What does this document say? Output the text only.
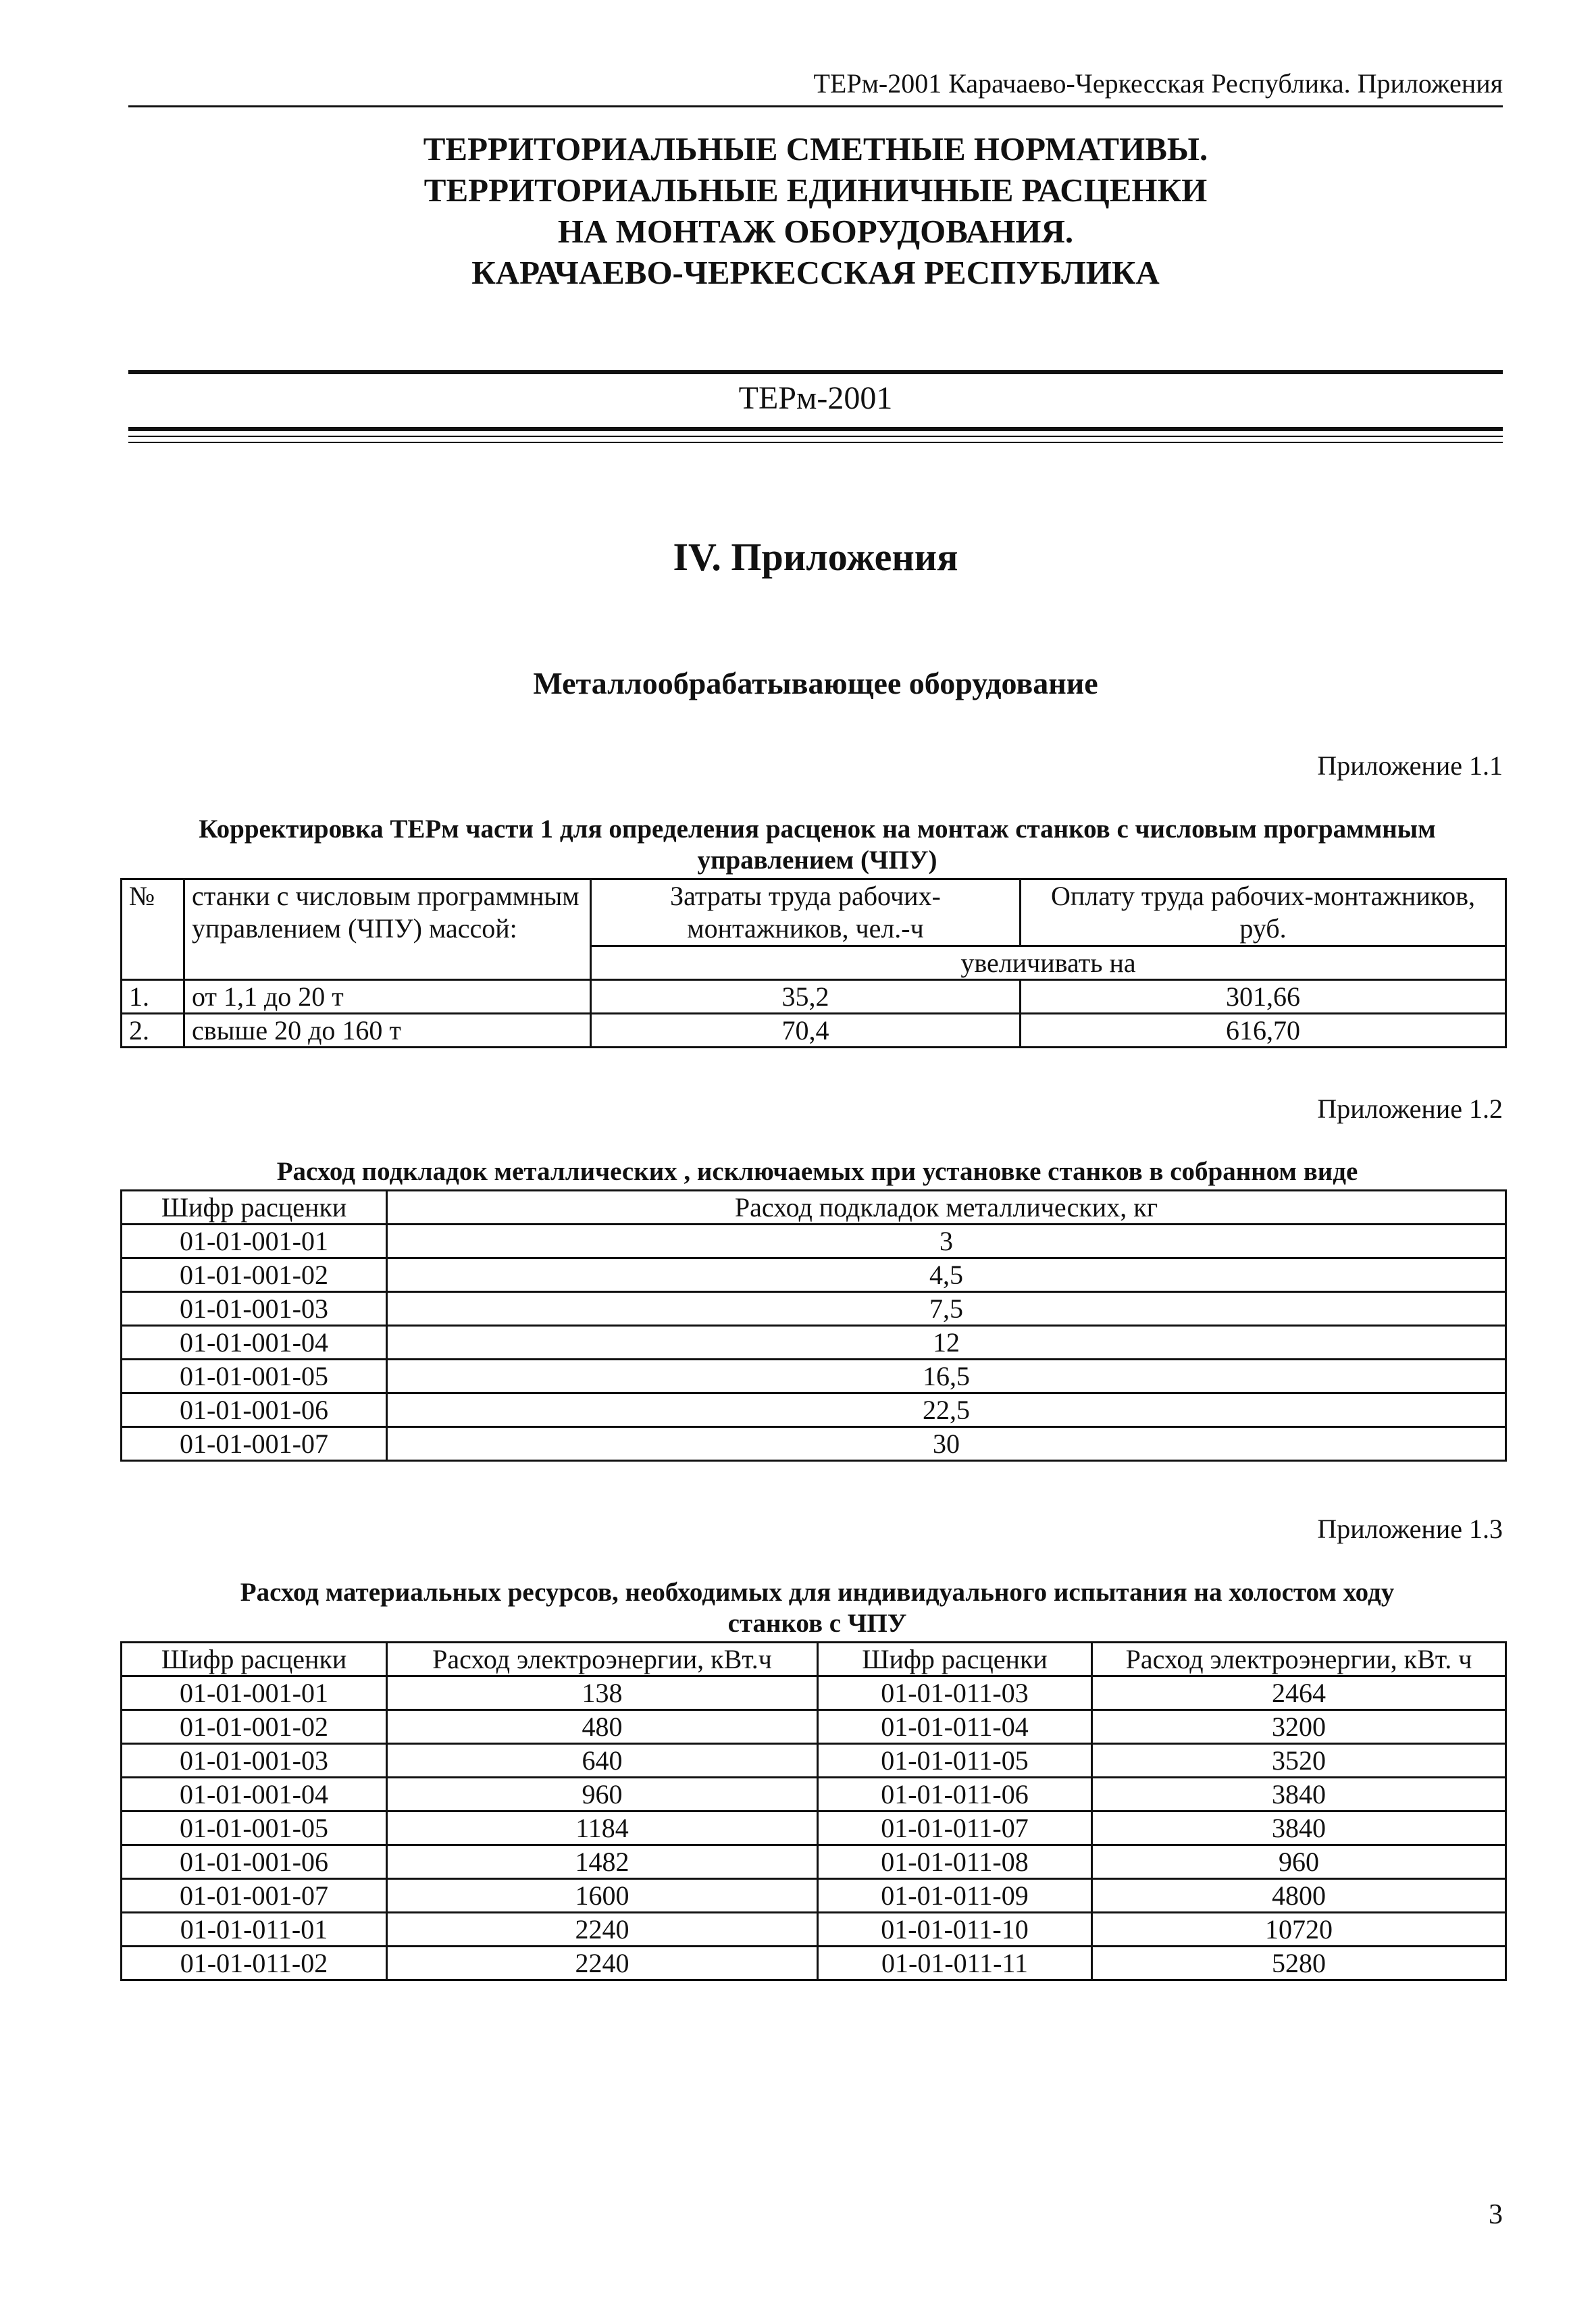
ТЕРм-2001 Карачаево-Черкесская Республика. Приложения
ТЕРРИТОРИАЛЬНЫЕ СМЕТНЫЕ НОРМАТИВЫ.
ТЕРРИТОРИАЛЬНЫЕ ЕДИНИЧНЫЕ РАСЦЕНКИ
НА МОНТАЖ ОБОРУДОВАНИЯ.
КАРАЧАЕВО-ЧЕРКЕССКАЯ РЕСПУБЛИКА
ТЕРм-2001
IV. Приложения
Металлообрабатывающее оборудование
Приложение 1.1
Корректировка ТЕРм части 1 для определения расценок на монтаж станков с числовым программным управлением (ЧПУ)
№	станки с числовым программным управлением (ЧПУ) массой:	Затраты труда рабочих-монтажников, чел.-ч	Оплату труда рабочих-монтажников, руб.
		увеличивать на	
1.	от 1,1 до 20 т	35,2	301,66
2.	свыше 20 до 160 т	70,4	616,70
Приложение 1.2
Расход подкладок металлических , исключаемых при установке станков в собранном виде
Шифр расценки	Расход подкладок металлических, кг
01-01-001-01	3
01-01-001-02	4,5
01-01-001-03	7,5
01-01-001-04	12
01-01-001-05	16,5
01-01-001-06	22,5
01-01-001-07	30
Приложение 1.3
Расход материальных ресурсов, необходимых для индивидуального испытания на холостом ходу
станков с ЧПУ
Шифр расценки	Расход электроэнергии, кВт.ч	Шифр расценки	Расход электроэнергии, кВт. ч
01-01-001-01	138	01-01-011-03	2464
01-01-001-02	480	01-01-011-04	3200
01-01-001-03	640	01-01-011-05	3520
01-01-001-04	960	01-01-011-06	3840
01-01-001-05	1184	01-01-011-07	3840
01-01-001-06	1482	01-01-011-08	960
01-01-001-07	1600	01-01-011-09	4800
01-01-011-01	2240	01-01-011-10	10720
01-01-011-02	2240	01-01-011-11	5280
3
